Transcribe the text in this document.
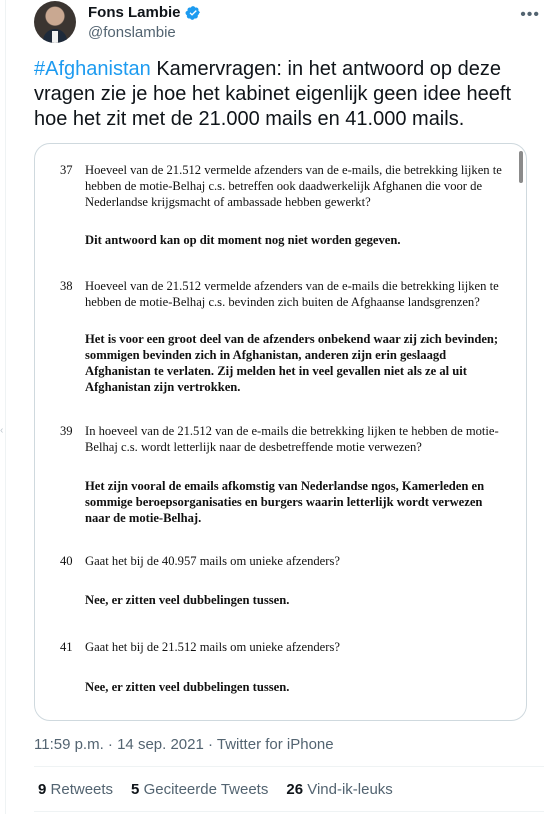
‹
Fons Lambie
@fonslambie
•••
#Afghanistan Kamervragen: in het antwoord op deze vragen zie je hoe het kabinet eigenlijk geen idee heeft hoe het zit met de 21.000 mails en 41.000 mails.
37 Hoeveel van de 21.512 vermelde afzenders van de e-mails, die betrekking lijken te hebben de motie-Belhaj c.s. betreffen ook daadwerkelijk Afghanen die voor de Nederlandse krijgsmacht of ambassade hebben gewerkt?
Dit antwoord kan op dit moment nog niet worden gegeven.
38 Hoeveel van de 21.512 vermelde afzenders van de e-mails die betrekking lijken te hebben de motie-Belhaj c.s. bevinden zich buiten de Afghaanse landsgrenzen?
Het is voor een groot deel van de afzenders onbekend waar zij zich bevinden; sommigen bevinden zich in Afghanistan, anderen zijn erin geslaagd Afghanistan te verlaten. Zij melden het in veel gevallen niet als ze al uit Afghanistan zijn vertrokken.
39 In hoeveel van de 21.512 van de e-mails die betrekking lijken te hebben de motie-Belhaj c.s. wordt letterlijk naar de desbetreffende motie verwezen?
Het zijn vooral de emails afkomstig van Nederlandse ngos, Kamerleden en sommige beroepsorganisaties en burgers waarin letterlijk wordt verwezen naar de motie-Belhaj.
40 Gaat het bij de 40.957 mails om unieke afzenders?
Nee, er zitten veel dubbelingen tussen.
41 Gaat het bij de 21.512 mails om unieke afzenders?
Nee, er zitten veel dubbelingen tussen.
11:59 p.m. · 14 sep. 2021 · Twitter for iPhone
9 Retweets 5 Geciteerde Tweets 26 Vind-ik-leuks
